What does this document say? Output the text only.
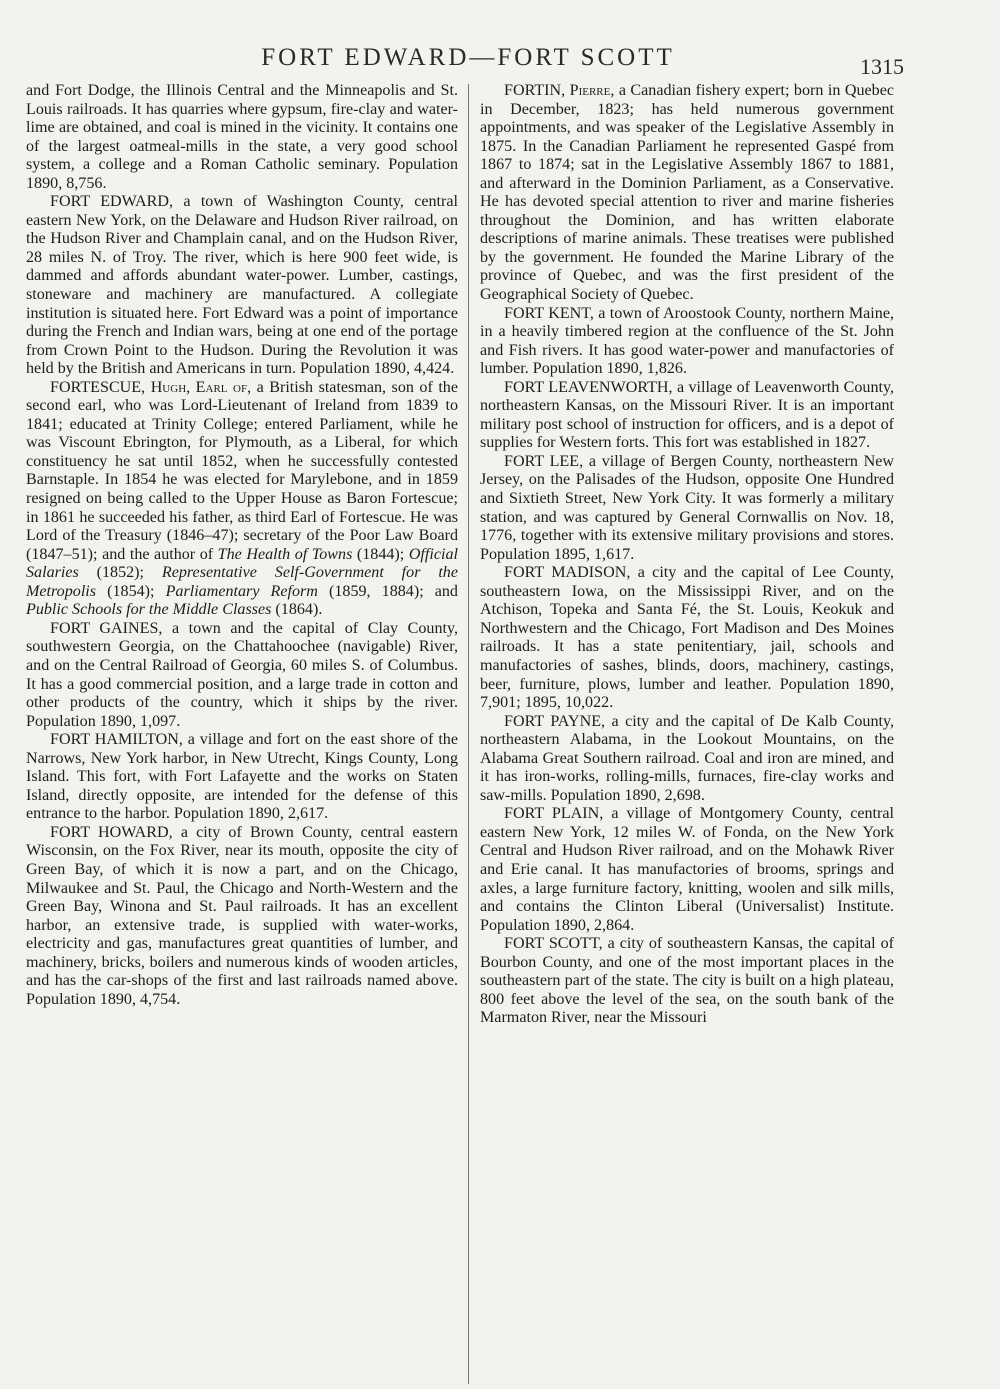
FORT EDWARD—FORT SCOTT	1315

and Fort Dodge, the Illinois Central and the Minneapolis and St. Louis railroads. It has quarries where gypsum, fire-clay and water-lime are obtained, and coal is mined in the vicinity. It contains one of the largest oatmeal-mills in the state, a very good school system, a college and a Roman Catholic seminary. Population 1890, 8,756.

FORT EDWARD, a town of Washington County, central eastern New York, on the Delaware and Hudson River railroad, on the Hudson River and Champlain canal, and on the Hudson River, 28 miles N. of Troy. The river, which is here 900 feet wide, is dammed and affords abundant water-power. Lumber, castings, stoneware and machinery are manufactured. A collegiate institution is situated here. Fort Edward was a point of importance during the French and Indian wars, being at one end of the portage from Crown Point to the Hudson. During the Revolution it was held by the British and Americans in turn. Population 1890, 4,424.

FORTESCUE, Hugh, Earl of, a British statesman, son of the second earl, who was Lord-Lieutenant of Ireland from 1839 to 1841; educated at Trinity College; entered Parliament, while he was Viscount Ebrington, for Plymouth, as a Liberal, for which constituency he sat until 1852, when he successfully contested Barnstaple. In 1854 he was elected for Marylebone, and in 1859 resigned on being called to the Upper House as Baron Fortescue; in 1861 he succeeded his father, as third Earl of Fortescue. He was Lord of the Treasury (1846–47); secretary of the Poor Law Board (1847–51); and the author of The Health of Towns (1844); Official Salaries (1852); Representative Self-Government for the Metropolis (1854); Parliamentary Reform (1859, 1884); and Public Schools for the Middle Classes (1864).

FORT GAINES, a town and the capital of Clay County, southwestern Georgia, on the Chattahoochee (navigable) River, and on the Central Railroad of Georgia, 60 miles S. of Columbus. It has a good commercial position, and a large trade in cotton and other products of the country, which it ships by the river. Population 1890, 1,097.

FORT HAMILTON, a village and fort on the east shore of the Narrows, New York harbor, in New Utrecht, Kings County, Long Island. This fort, with Fort Lafayette and the works on Staten Island, directly opposite, are intended for the defense of this entrance to the harbor. Population 1890, 2,617.

FORT HOWARD, a city of Brown County, central eastern Wisconsin, on the Fox River, near its mouth, opposite the city of Green Bay, of which it is now a part, and on the Chicago, Milwaukee and St. Paul, the Chicago and North-Western and the Green Bay, Winona and St. Paul railroads. It has an excellent harbor, an extensive trade, is supplied with water-works, electricity and gas, manufactures great quantities of lumber, and machinery, bricks, boilers and numerous kinds of wooden articles, and has the car-shops of the first and last railroads named above. Population 1890, 4,754.

FORTIN, Pierre, a Canadian fishery expert; born in Quebec in December, 1823; has held numerous government appointments, and was speaker of the Legislative Assembly in 1875. In the Canadian Parliament he represented Gaspé from 1867 to 1874; sat in the Legislative Assembly 1867 to 1881, and afterward in the Dominion Parliament, as a Conservative. He has devoted special attention to river and marine fisheries throughout the Dominion, and has written elaborate descriptions of marine animals. These treatises were published by the government. He founded the Marine Library of the province of Quebec, and was the first president of the Geographical Society of Quebec.

FORT KENT, a town of Aroostook County, northern Maine, in a heavily timbered region at the confluence of the St. John and Fish rivers. It has good water-power and manufactories of lumber. Population 1890, 1,826.

FORT LEAVENWORTH, a village of Leavenworth County, northeastern Kansas, on the Missouri River. It is an important military post school of instruction for officers, and is a depot of supplies for Western forts. This fort was established in 1827.

FORT LEE, a village of Bergen County, northeastern New Jersey, on the Palisades of the Hudson, opposite One Hundred and Sixtieth Street, New York City. It was formerly a military station, and was captured by General Cornwallis on Nov. 18, 1776, together with its extensive military provisions and stores. Population 1895, 1,617.

FORT MADISON, a city and the capital of Lee County, southeastern Iowa, on the Mississippi River, and on the Atchison, Topeka and Santa Fé, the St. Louis, Keokuk and Northwestern and the Chicago, Fort Madison and Des Moines railroads. It has a state penitentiary, jail, schools and manufactories of sashes, blinds, doors, machinery, castings, beer, furniture, plows, lumber and leather. Population 1890, 7,901; 1895, 10,022.

FORT PAYNE, a city and the capital of De Kalb County, northeastern Alabama, in the Lookout Mountains, on the Alabama Great Southern railroad. Coal and iron are mined, and it has iron-works, rolling-mills, furnaces, fire-clay works and saw-mills. Population 1890, 2,698.

FORT PLAIN, a village of Montgomery County, central eastern New York, 12 miles W. of Fonda, on the New York Central and Hudson River railroad, and on the Mohawk River and Erie canal. It has manufactories of brooms, springs and axles, a large furniture factory, knitting, woolen and silk mills, and contains the Clinton Liberal (Universalist) Institute. Population 1890, 2,864.

FORT SCOTT, a city of southeastern Kansas, the capital of Bourbon County, and one of the most important places in the southeastern part of the state. The city is built on a high plateau, 800 feet above the level of the sea, on the south bank of the Marmaton River, near the Missouri
